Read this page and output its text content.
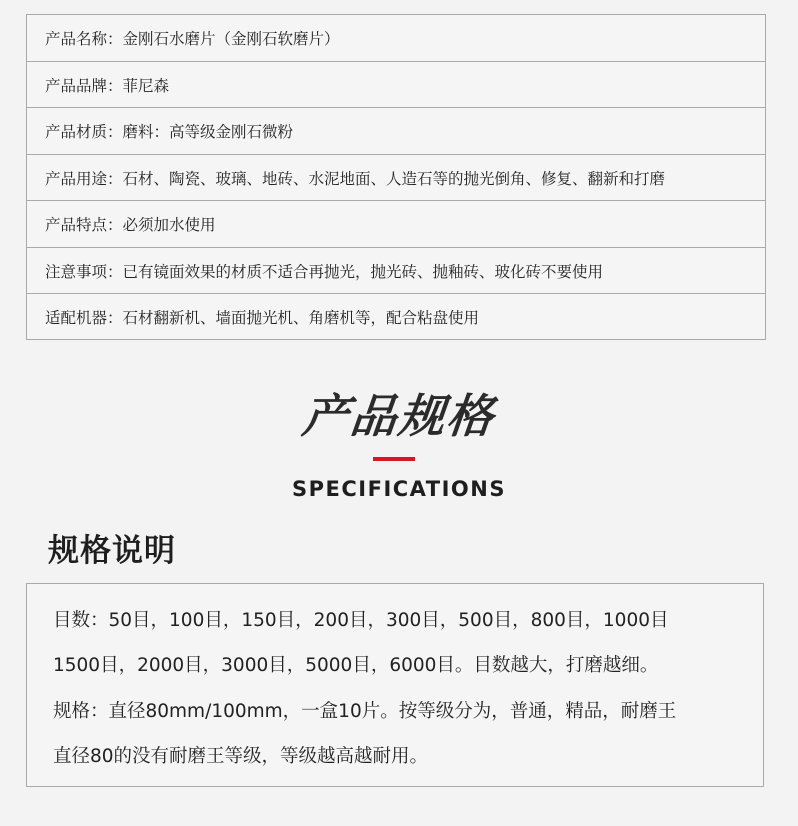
产品名称：金刚石水磨片（金刚石软磨片）
产品品牌：菲尼森
产品材质：磨料：高等级金刚石微粉
产品用途：石材、陶瓷、玻璃、地砖、水泥地面、人造石等的抛光倒角、修复、翻新和打磨
产品特点：必须加水使用
注意事项：已有镜面效果的材质不适合再抛光，抛光砖、抛釉砖、玻化砖不要使用
适配机器：石材翻新机、墙面抛光机、角磨机等，配合粘盘使用
产品规格
SPECIFICATIONS
规格说明
目数：50目，100目，150目，200目，300目，500目，800目，1000目
1500目，2000目，3000目，5000目，6000目。目数越大，打磨越细。
规格：直径80mm/100mm，一盒10片。按等级分为，普通，精品，耐磨王
直径80的没有耐磨王等级，等级越高越耐用。
